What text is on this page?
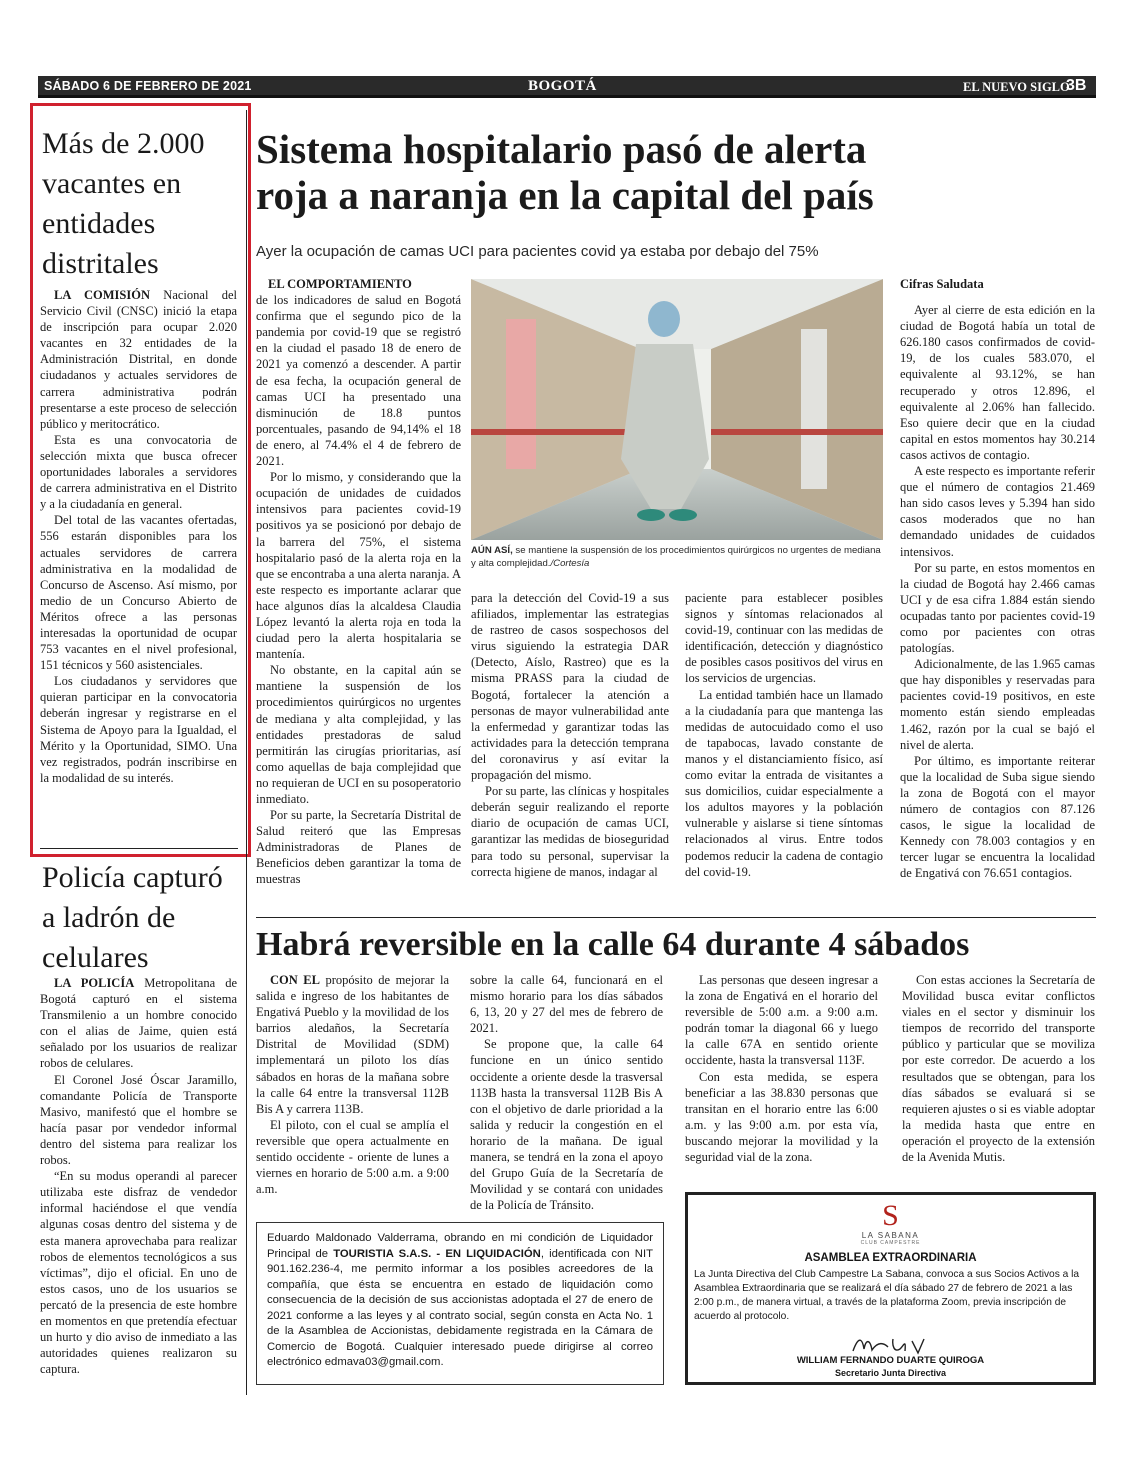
SÁBADO 6 DE FEBRERO DE 2021	BOGOTÁ	EL NUEVO SIGLO
3B
Más de 2.000
vacantes en
entidades
distritales

LA COMISIÓN Nacional del Servicio Civil (CNSC) inició la etapa de inscripción para ocupar 2.020 vacantes en 32 entidades de la Administración Distrital, en donde ciudadanos y actuales servidores de carrera administrativa podrán presentarse a este proceso de selección público y meritocrático.

Esta es una convocatoria de selección mixta que busca ofrecer oportunidades laborales a servidores de carrera administrativa en el Distrito y a la ciudadanía en general.

Del total de las vacantes ofertadas, 556 estarán disponibles para los actuales servidores de carrera administrativa en la modalidad de Concurso de Ascenso. Así mismo, por medio de un Concurso Abierto de Méritos ofrece a las personas interesadas la oportunidad de ocupar 753 vacantes en el nivel profesional, 151 técnicos y 560 asistenciales.

Los ciudadanos y servidores que quieran participar en la convocatoria deberán ingresar y registrarse en el Sistema de Apoyo para la Igualdad, el Mérito y la Oportunidad, SIMO. Una vez registrados, podrán inscribirse en la modalidad de su interés.

Policía capturó
a ladrón de
celulares

LA POLICÍA Metropolitana de Bogotá capturó en el sistema Transmilenio a un hombre conocido con el alias de Jaime, quien está señalado por los usuarios de realizar robos de celulares.

El Coronel José Óscar Jaramillo, comandante Policía de Transporte Masivo, manifestó que el hombre se hacía pasar por vendedor informal dentro del sistema para realizar los robos.

“En su modus operandi al parecer utilizaba este disfraz de vendedor informal haciéndose el que vendía algunas cosas dentro del sistema y de esta manera aprovechaba para realizar robos de elementos tecnológicos a sus víctimas”, dijo el oficial. En uno de estos casos, uno de los usuarios se percató de la presencia de este hombre en momentos en que pretendía efectuar un hurto y dio aviso de inmediato a las autoridades quienes realizaron su captura.

Sistema hospitalario pasó de alerta
roja a naranja en la capital del país
Ayer la ocupación de camas UCI para pacientes covid ya estaba por debajo del 75%

EL COMPORTAMIENTO

de los indicadores de salud en Bogotá confirma que el segundo pico de la pandemia por covid-19 que se registró en la ciudad el pasado 18 de enero de 2021 ya comenzó a descender. A partir de esa fecha, la ocupación general de camas UCI ha presentado una disminución de 18.8 puntos porcentuales, pasando de 94,14% el 18 de enero, al 74.4% el 4 de febrero de 2021.

Por lo mismo, y considerando que la ocupación de unidades de cuidados intensivos para pacientes covid-19 positivos ya se posicionó por debajo de la barrera del 75%, el sistema hospitalario pasó de la alerta roja en la que se encontraba a una alerta naranja. A este respecto es importante aclarar que hace algunos días la alcaldesa Claudia López levantó la alerta roja en toda la ciudad pero la alerta hospitalaria se mantenía.

No obstante, en la capital aún se mantiene la suspensión de los procedimientos quirúrgicos no urgentes de mediana y alta complejidad, y las entidades prestadoras de salud permitirán las cirugías prioritarias, así como aquellas de baja complejidad que no requieran de UCI en su posoperatorio inmediato.

Por su parte, la Secretaría Distrital de Salud reiteró que las Empresas Administradoras de Planes de Beneficios deben garantizar la toma de muestras

AÚN ASÍ, se mantiene la suspensión de los procedimientos quirúrgicos no urgentes de mediana y alta complejidad./Cortesía

para la detección del Covid-19 a sus afiliados, implementar las estrategias de rastreo de casos sospechosos del virus siguiendo la estrategia DAR (Detecto, Aíslo, Rastreo) que es la misma PRASS para la ciudad de Bogotá, fortalecer la atención a personas de mayor vulnerabilidad ante la enfermedad y garantizar todas las actividades para la detección temprana del coronavirus y así evitar la propagación del mismo.

Por su parte, las clínicas y hospitales deberán seguir realizando el reporte diario de ocupación de camas UCI, garantizar las medidas de bioseguridad para todo su personal, supervisar la correcta higiene de manos, indagar al

paciente para establecer posibles signos y síntomas relacionados al covid-19, continuar con las medidas de identificación, detección y diagnóstico de posibles casos positivos del virus en los servicios de urgencias.

La entidad también hace un llamado a la ciudadanía para que mantenga las medidas de autocuidado como el uso de tapabocas, lavado constante de manos y el distanciamiento físico, así como evitar la entrada de visitantes a sus domicilios, cuidar especialmente a los adultos mayores y la población vulnerable y aislarse si tiene síntomas relacionados al virus. Entre todos podemos reducir la cadena de contagio del covid-19.

Cifras Saludata

Ayer al cierre de esta edición en la ciudad de Bogotá había un total de 626.180 casos confirmados de covid-19, de los cuales 583.070, el equivalente al 93.12%, se han recuperado y otros 12.896, el equivalente al 2.06% han fallecido. Eso quiere decir que en la ciudad capital en estos momentos hay 30.214 casos activos de contagio.

A este respecto es importante referir que el número de contagios 21.469 han sido casos leves y 5.394 han sido casos moderados que no han demandado unidades de cuidados intensivos.

Por su parte, en estos momentos en la ciudad de Bogotá hay 2.466 camas UCI y de esa cifra 1.884 están siendo ocupadas tanto por pacientes covid-19 como por pacientes con otras patologías.

Adicionalmente, de las 1.965 camas que hay disponibles y reservadas para pacientes covid-19 positivos, en este momento están siendo empleadas 1.462, razón por la cual se bajó el nivel de alerta.

Por último, es importante reiterar que la localidad de Suba sigue siendo la zona de Bogotá con el mayor número de contagios con 87.126 casos, le sigue la localidad de Kennedy con 78.003 contagios y en tercer lugar se encuentra la localidad de Engativá con 76.651 contagios.

Habrá reversible en la calle 64 durante 4 sábados

CON EL propósito de mejorar la salida e ingreso de los habitantes de Engativá Pueblo y la movilidad de los barrios aledaños, la Secretaría Distrital de Movilidad (SDM) implementará un piloto los días sábados en horas de la mañana sobre la calle 64 entre la transversal 112B Bis A y carrera 113B.

El piloto, con el cual se amplía el reversible que opera actualmente en sentido occidente - oriente de lunes a viernes en horario de 5:00 a.m. a 9:00 a.m.

sobre la calle 64, funcionará en el mismo horario para los días sábados 6, 13, 20 y 27 del mes de febrero de 2021.

Se propone que, la calle 64 funcione en un único sentido occidente a oriente desde la trasversal 113B hasta la transversal 112B Bis A con el objetivo de darle prioridad a la salida y reducir la congestión en el horario de la mañana. De igual manera, se tendrá en la zona el apoyo del Grupo Guía de la Secretaría de Movilidad y se contará con unidades de la Policía de Tránsito.

Las personas que deseen ingresar a la zona de Engativá en el horario del reversible de 5:00 a.m. a 9:00 a.m. podrán tomar la diagonal 66 y luego la calle 67A en sentido oriente occidente, hasta la transversal 113F.

Con esta medida, se espera beneficiar a las 38.830 personas que transitan en el horario entre las 6:00 a.m. y las 9:00 a.m. por esta vía, buscando mejorar la movilidad y la seguridad vial de la zona.

Con estas acciones la Secretaría de Movilidad busca evitar conflictos viales en el sector y disminuir los tiempos de recorrido del transporte público y particular que se moviliza por este corredor. De acuerdo a los resultados que se obtengan, para los días sábados se evaluará si se requieren ajustes o si es viable adoptar la medida hasta que entre en operación el proyecto de la extensión de la Avenida Mutis.

Eduardo Maldonado Valderrama, obrando en mi condición de Liquidador Principal de TOURISTIA S.A.S. - EN LIQUIDACIÓN, identificada con NIT 901.162.236-4, me permito informar a los posibles acreedores de la compañía, que ésta se encuentra en estado de liquidación como consecuencia de la decisión de sus accionistas adoptada el 27 de enero de 2021 conforme a las leyes y al contrato social, según consta en Acta No. 1 de la Asamblea de Accionistas, debidamente registrada en la Cámara de Comercio de Bogotá. Cualquier interesado puede dirigirse al correo electrónico edmava03@gmail.com.
S
LA SABANA
CLUB CAMPESTRE
ASAMBLEA EXTRAORDINARIA
La Junta Directiva del Club Campestre La Sabana, convoca a sus Socios Activos a la Asamblea Extraordinaria que se realizará el día sábado 27 de febrero de 2021 a las 2:00 p.m., de manera virtual, a través de la plataforma Zoom, previa inscripción de acuerdo al protocolo.
WILLIAM FERNANDO DUARTE QUIROGA
Secretario Junta Directiva
